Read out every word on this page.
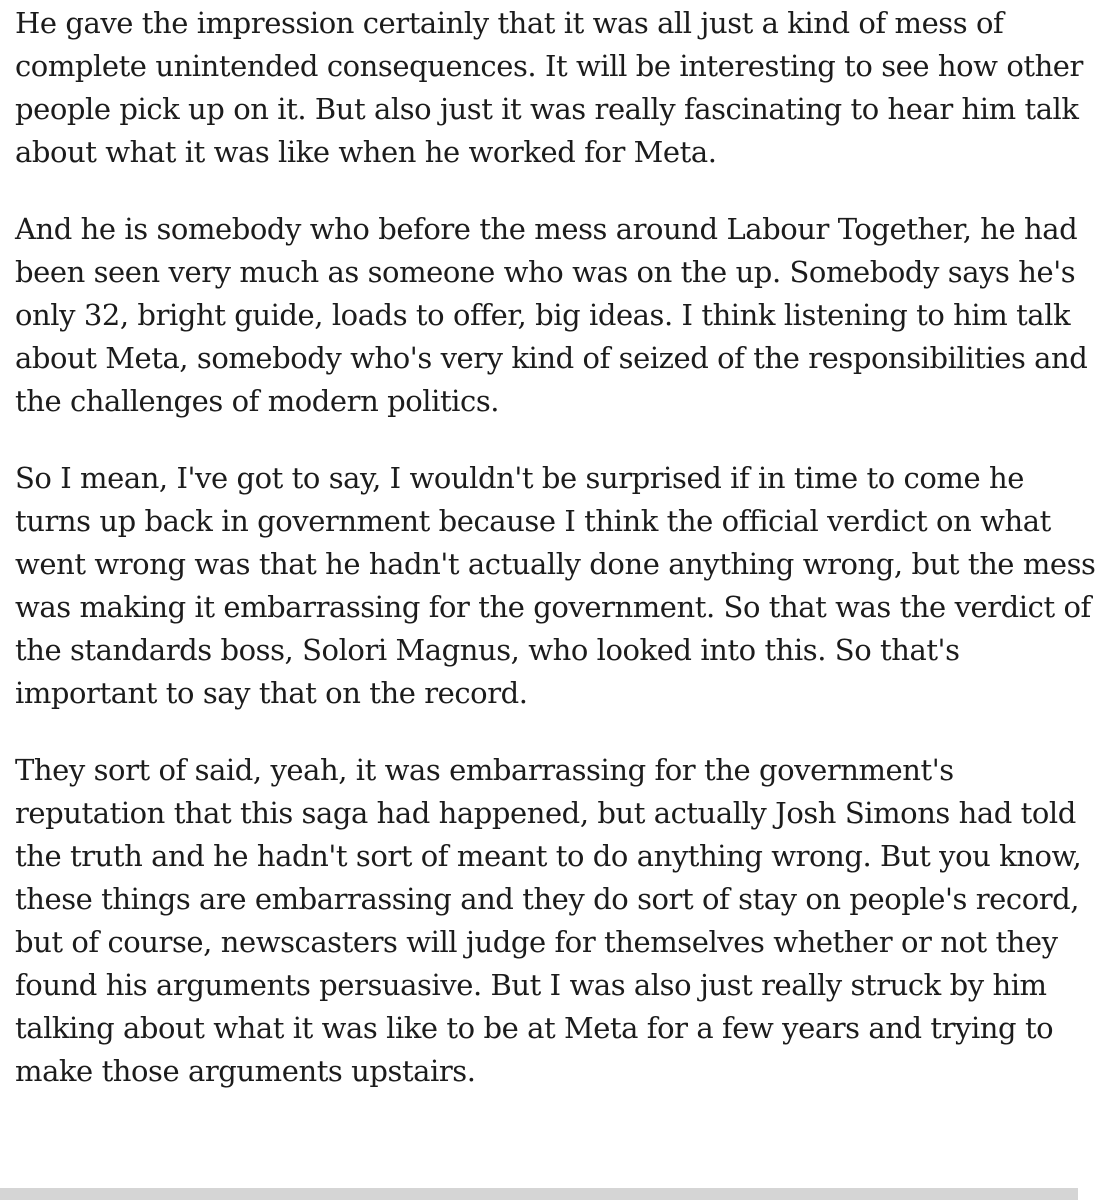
He gave the impression certainly that it was all just a kind of mess of complete unintended consequences. It will be interesting to see how other people pick up on it. But also just it was really fascinating to hear him talk about what it was like when he worked for Meta.

And he is somebody who before the mess around Labour Together, he had been seen very much as someone who was on the up. Somebody says he's only 32, bright guide, loads to offer, big ideas. I think listening to him talk about Meta, somebody who's very kind of seized of the responsibilities and the challenges of modern politics.

So I mean, I've got to say, I wouldn't be surprised if in time to come he turns up back in government because I think the official verdict on what went wrong was that he hadn't actually done anything wrong, but the mess was making it embarrassing for the government. So that was the verdict of the standards boss, Solori Magnus, who looked into this. So that's important to say that on the record.

They sort of said, yeah, it was embarrassing for the government's reputation that this saga had happened, but actually Josh Simons had told the truth and he hadn't sort of meant to do anything wrong. But you know, these things are embarrassing and they do sort of stay on people's record, but of course, newscasters will judge for themselves whether or not they found his arguments persuasive. But I was also just really struck by him talking about what it was like to be at Meta for a few years and trying to make those arguments upstairs.
